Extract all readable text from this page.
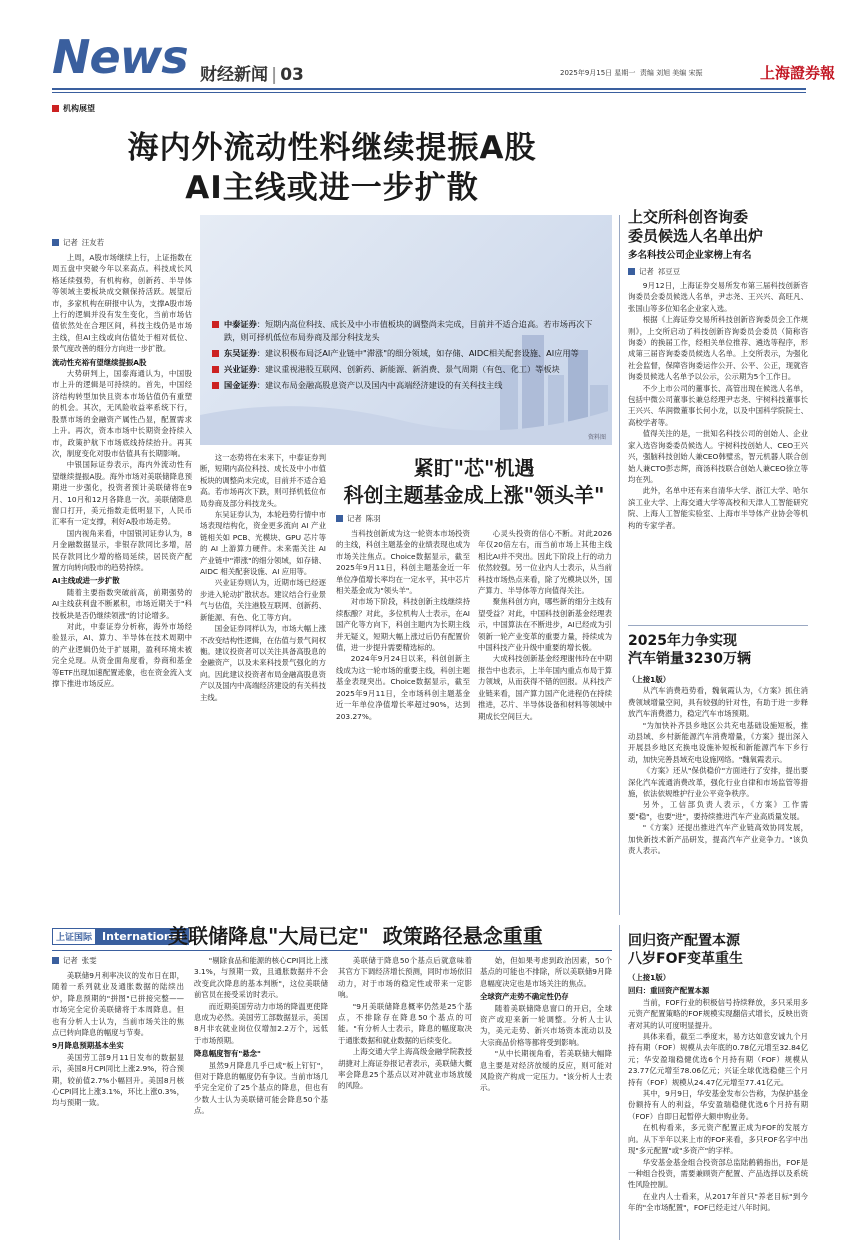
News 财经新闻 | 03	2025年9月15日 星期一 责编 刘旭 美编 宋振	上海證券報
机构展望
海内外流动性料继续提振A股
AI主线或进一步扩散
资料图
中泰证券：短期内高位科技、成长及中小市值板块的调整尚未完成，目前并不适合追高。若市场再次下跌，则可择机低位布局券商及部分科技龙头
东吴证券：建议积极布局泛AI产业链中"滞涨"的细分领域，如存储、AIDC相关配套设施、AI应用等
兴业证券：建议重视港股互联网、创新药、新能源、新消费、景气周期（有色、化工）等板块
国金证券：建议布局金融高股息资产以及国内中高端经济建设的有关科技主线
记者 汪友若

上周，A股市场继续上行，上证指数在周五盘中突破今年以来高点。科技成长风格延续强势，有机构称，创新药、半导体等领域主要板块成交额保持活跃。展望后市，多家机构在研报中认为，支撑A股市场上行的逻辑并没有发生变化，当前市场估值依然处在合理区间，科技主线仍是市场主线，但AI主线或向估值处于相对低位、景气度改善的细分方向进一步扩散。

流动性充裕有望继续提振A股

大势研判上，国泰海通认为，中国股市上升的逻辑是可持续的。首先，中国经济结构转型加快且资本市场估值仍有重塑的机会。其次，无风险收益率系统下行，股票市场的金融资产属性凸显，配置需求上升。再次，资本市场中长期资金持续入市，政策护航下市场底线持续抬升。再其次，制度变化对股市估值具有长期影响。

中银国际证券表示，海内外流动性有望继续提振A股。海外市场对美联储降息预期进一步强化，投资者预计美联储将在9月、10月和12月各降息一次。美联储降息窗口打开，美元指数走低明显下，人民币汇率有一定支撑，利好A股市场走势。

国内视角来看，中国银河证券认为，8月金融数据显示，非银存款同比多增，居民存款同比少增的格局延续，居民资产配置方向转向股市的趋势持续。

AI主线或进一步扩散

随着主要指数突破前高，前期强势的AI主线获利盘不断累积，市场近期关于"科技板块是否仍继续领涨"的讨论增多。

对此，中泰证券分析称，海外市场经验显示，AI、算力、半导体在技术周期中的产业逻辑仍处于扩展期，盈利环境未被完全兑现。从资金面角度看，券商和基金等ETF出现加速配置迹象，也在资金流入支撑下推进市场反应。

这一态势将在未来下，中泰证券判断，短期内高位科技、成长及中小市值板块的调整尚未完成，目前并不适合追高。若市场再次下跌，则可择机低位布局券商及部分科技龙头。

东吴证券认为，本轮趋势行情中市场表现结构化，资金更多流向 AI 产业链相关如 PCB、光模块、GPU 芯片等的 AI 上游算力硬件。未来需关注 AI 产业链中"滞涨"的细分领域，如存储、AIDC 相关配套设施、AI 应用等。

兴业证券则认为，近期市场已经逐步进入轮动扩散状态。建议结合行业景气与估值，关注港股互联网、创新药、新能源、有色、化工等方向。

国金证券同样认为，市场大幅上涨不改变结构性逻辑，在估值与景气间权衡。建议投资者可以关注具备高股息的金融资产，以及未来科技景气强化的方向。因此建议投资者布局金融高股息资产以及国内中高端经济建设的有关科技主线。

紧盯"芯"机遇
科创主题基金成上涨"领头羊"
记者 陈羽

当科技创新成为这一轮资本市场投资的主线，科创主题基金的业绩表现也成为市场关注焦点。Choice数据显示，截至2025年9月11日，科创主题基金近一年单位净值增长率均在一定水平，其中芯片相关基金成为"领头羊"。

对市场下阶段，科技创新主线继续持续酝酿？对此，多位机构人士表示，在AI国产化等方向下，科创主题内为长期主线并无疑义，短期大幅上涨过后仍有配置价值，进一步提升需要精选标的。

2024年9月24日以来，科创创新主线成为这一轮市场的重要主线，科创主题基金表现突出。Choice数据显示，截至2025年9月11日，全市场科创主题基金近一年单位净值增长率超过90%，达到203.27%。

心灵头投资的信心不断。对此2026年仅20倍左右，而当前市场上其他主线相比AI并不突出。因此下阶段上行的动力依然较强。另一位业内人士表示，从当前科技市场热点来看，除了光模块以外，国产算力、半导体等方向值得关注。

聚焦科创方向，哪些新的细分主线有望受益？对此，中国科技创新基金经理表示，中国算法在不断进步，AI已经成为引领新一轮产业变革的重要力量，持续成为中国科技产业升级中重要的增长极。

大成科技创新基金经理谢伟玲在中期报告中也表示，上半年国内重点布局于算力领域，从而获得不错的回报。从科技产业链来看，国产算力国产化进程仍在持续推进，芯片、半导体设备和材料等领域中期成长空间巨大。

上交所科创咨询委
委员候选人名单出炉
多名科技公司企业家榜上有名
记者 祁豆豆

9月12日，上海证券交易所发布第三届科技创新咨询委员会委员候选人名单，尹志尧、王兴兴、高旺凡、张国山等多位知名企业家入选。

根据《上海证券交易所科技创新咨询委员会工作规则》，上交所启动了科技创新咨询委员会委员（简称咨询委）的换届工作，经相关单位推荐、遴选等程序，形成第三届咨询委委员候选人名单。上交所表示，为强化社会监督，保障咨询委运作公开、公平、公正，现就咨询委员候选人名单予以公示，公示期为5个工作日。

不少上市公司的董事长、高管出现在候选人名单，包括中微公司董事长兼总经理尹志尧、宇树科技董事长王兴兴、华润微董事长何小龙，以及中国科学院院士、高校学者等。

值得关注的是，一批知名科技公司的创始人、企业家入选咨询委委员候选人。宇树科技创始人、CEO王兴兴，强脑科技创始人兼CEO韩璧丞，智元机器人联合创始人兼CTO彭志辉，商汤科技联合创始人兼CEO徐立等均在列。

此外，名单中还有来自清华大学、浙江大学、哈尔滨工业大学、上海交通大学等高校和天津人工智能研究院、上海人工智能实验室、上海市半导体产业协会等机构的专家学者。

2025年力争实现
汽车销量3230万辆

（上接1版）

从汽车消费趋势看，魏氧霞认为，《方案》抓住消费领域增量空间，具有较强的针对性，有助于进一步释放汽车消费潜力，稳定汽车市场预期。

"为加快补齐县乡地区公共充电基础设施短板，推动县域、乡村新能源汽车消费增量，《方案》提出深入开展县乡地区充换电设施补短板和新能源汽车下乡行动，加快完善县域充电设施网络。"魏氧霞表示。

《方案》还从"保供稳价"方面进行了安排，提出要深化汽车流通消费改革，强化行业自律和市场监管等措施，依法依规维护行业公平竞争秩序。

另外，工信部负责人表示，《方案》工作需要"稳"，也要"进"，要持续推进汽车产业高质量发展。

"《方案》还提出推进汽车产业链高效协同发展，加快新技术新产品研发，提高汽车产业竞争力。"该负责人表示。

上证国际 International
美联储降息"大局已定"  政策路径悬念重重
记者 张雯

美联储9月利率决议的发布日在即，随着一系列就业及通胀数据的陆续出炉，降息预期的"拼图"已拼接完整——市场完全定价美联储将于本周降息。但也有分析人士认为，当前市场关注的焦点已转向降息的幅度与节奏。

9月降息预期基本坐实

美国劳工部9月11日发布的数据显示，美国8月CPI同比上涨2.9%，符合预期，较前值2.7%小幅回升。美国8月核心CPI同比上涨3.1%，环比上涨0.3%，均与预期一致。

"剔除食品和能源的核心CPI同比上涨3.1%，与预期一致，且通胀数据并不会改变此次降息的基本判断"，这位美联储前官员在接受采访时表示。

而近期美国劳动力市场的降温更使降息成为必然。美国劳工部数据显示，美国8月非农就业岗位仅增加2.2万个，远低于市场预期。

降息幅度智有"悬念"

虽然9月降息几乎已成"板上钉钉"，但对于降息的幅度仍有争议。当前市场几乎完全定价了25个基点的降息，但也有少数人士认为美联储可能会降息50个基点。

美联储于降息50个基点后就意味着其官方下调经济增长预测，同时市场依旧动力，对于市场的稳定性或带来一定影响。

"9月美联储降息概率仍然是25个基点，不排除存在降息50个基点的可能。"有分析人士表示，降息的幅度取决于通胀数据和就业数据的后续变化。

上海交通大学上海高级金融学院教授胡捷对上海证券报记者表示，美联储大概率会降息25个基点以对冲就业市场放缓的风险。

始，但如果考虑到政治因素，50个基点的可能也不排除，所以美联储9月降息幅度决定也是市场关注的焦点。

全球资产走势不确定性仍存

随着美联储降息窗口的开启，全球资产或迎来新一轮调整。分析人士认为，美元走势、新兴市场资本流动以及大宗商品价格等都将受到影响。

"从中长期视角看，若美联储大幅降息主要是对经济放缓的反应，则可能对风险资产构成一定压力。"该分析人士表示。

回归资产配置本源
八岁FOF变革重生

（上接1版）

回归：重回资产配置本源

当前，FOF行业的积极信号持续释放，多只采用多元资产配置策略的FOF规模实现翻倍式增长，反映出资者对其的认可度明显提升。

具体来看，截至二季度末，易方达如意安诚九个月持有期（FOF）规模从去年底的0.78亿元增至32.84亿元；华安盈瑞稳健优选6个月持有期（FOF）规模从23.77亿元增至78.06亿元；兴证全球优选稳健三个月持有（FOF）规模从24.47亿元增至77.41亿元。

其中，9月9日，华安基金发布公告称，为保护基金份额持有人的利益，华安盈瑞稳健优选6个月持有期（FOF）自即日起暂停大额申购业务。

在机构看来，多元资产配置正成为FOF的发展方向。从下半年以来上市的FOF来看，多只FOF名字中出现"多元配置"或"多资产"的字样。

华安基金基金组合投资部总监陆鹤鹤指出，FOF是一种组合投资，需要兼顾资产配置、产品选择以及系统性风险控制。

在业内人士看来，从2017年首只"养老目标"到今年的"全市场配置"，FOF已经走过八年时间。
